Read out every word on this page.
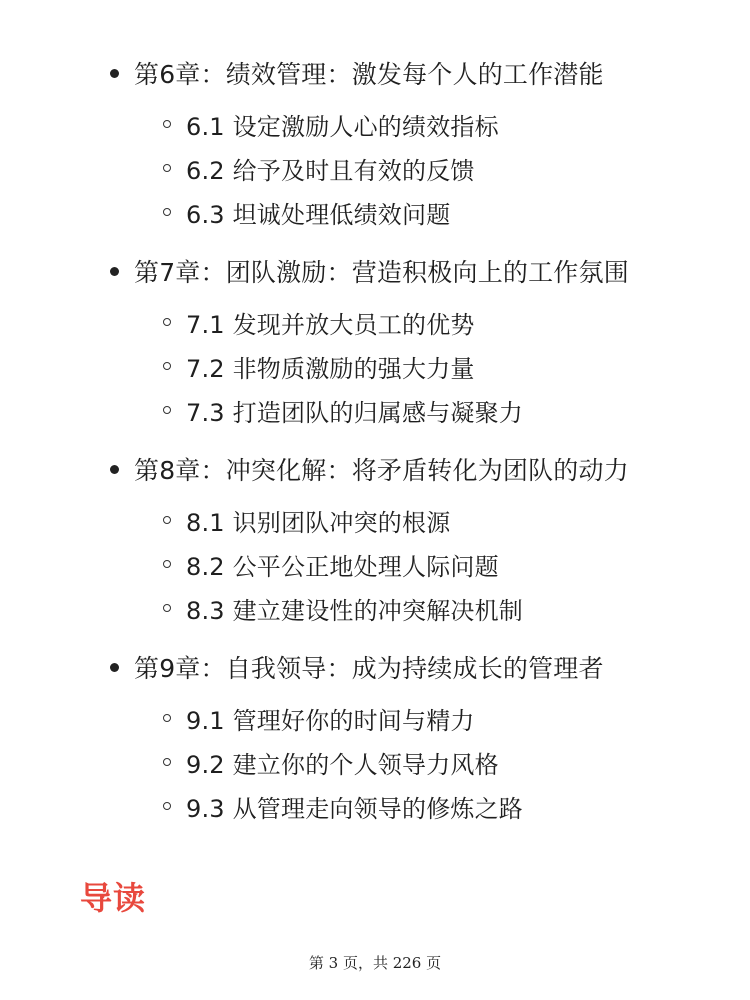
第6章：绩效管理：激发每个人的工作潜能
6.1 设定激励人心的绩效指标
6.2 给予及时且有效的反馈
6.3 坦诚处理低绩效问题
第7章：团队激励：营造积极向上的工作氛围
7.1 发现并放大员工的优势
7.2 非物质激励的强大力量
7.3 打造团队的归属感与凝聚力
第8章：冲突化解：将矛盾转化为团队的动力
8.1 识别团队冲突的根源
8.2 公平公正地处理人际问题
8.3 建立建设性的冲突解决机制
第9章：自我领导：成为持续成长的管理者
9.1 管理好你的时间与精力
9.2 建立你的个人领导力风格
9.3 从管理走向领导的修炼之路
导读
第 3 页，共 226 页
